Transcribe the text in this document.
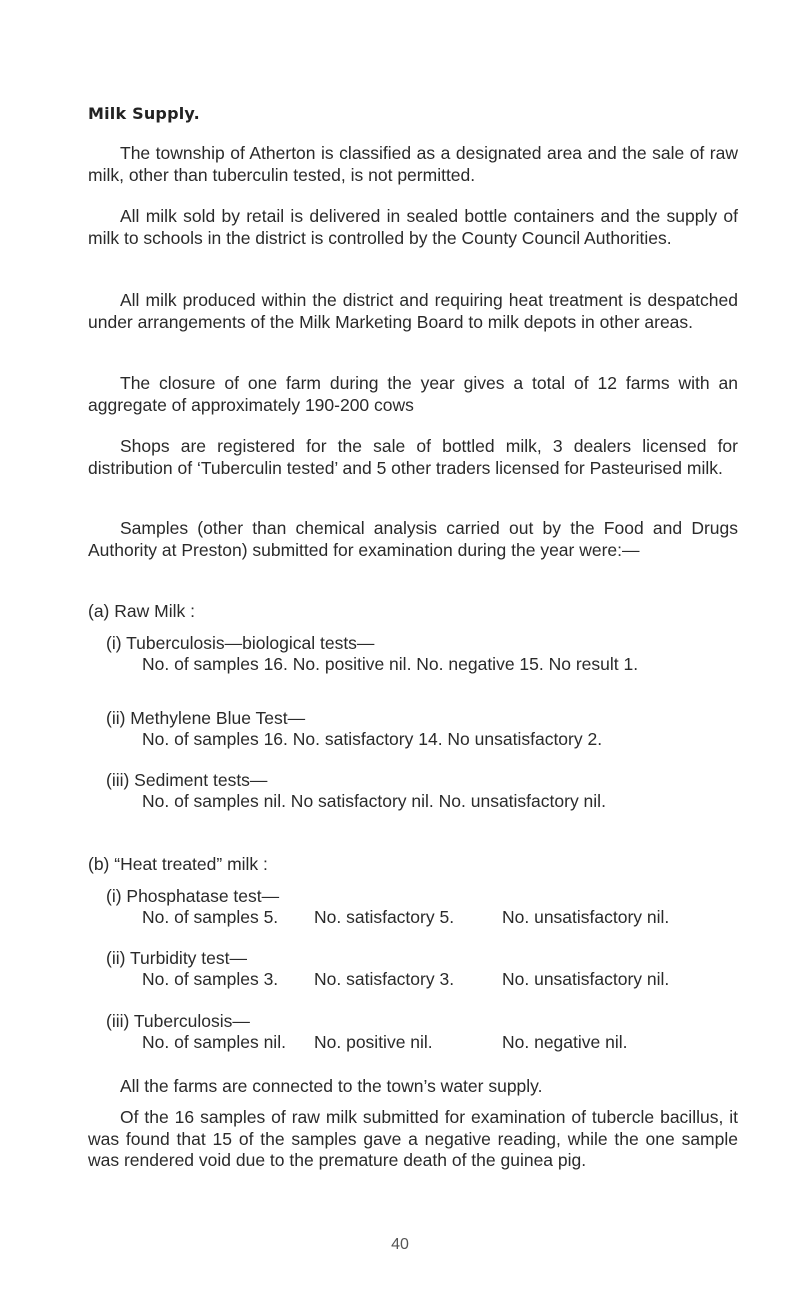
Milk Supply.

The township of Atherton is classified as a designated area and the sale of raw milk, other than tuberculin tested, is not permitted.

All milk sold by retail is delivered in sealed bottle containers and the supply of milk to schools in the district is controlled by the County Council Authorities.

All milk produced within the district and requiring heat treatment is despatched under arrangements of the Milk Marketing Board to milk depots in other areas.

The closure of one farm during the year gives a total of 12 farms with an aggregate of approximately 190-200 cows

Shops are registered for the sale of bottled milk, 3 dealers licensed for distribution of ‘Tuberculin tested’ and 5 other traders licensed for Pasteurised milk.

Samples (other than chemical analysis carried out by the Food and Drugs Authority at Preston) submitted for examination during the year were:—

(a) Raw Milk :
(i) Tuberculosis—biological tests—

No. of samples 16. No. positive nil. No. negative 15. No result 1.

(ii) Methylene Blue Test—

No. of samples 16. No. satisfactory 14. No unsatisfactory 2.

(iii) Sediment tests—

No. of samples nil. No satisfactory nil. No. unsatisfactory nil.

(b) “Heat treated” milk :
(i) Phosphatase test—
No. of samples 5.	No. satisfactory 5.	No. unsatisfactory nil.
(ii) Turbidity test—
No. of samples 3.	No. satisfactory 3.	No. unsatisfactory nil.
(iii) Tuberculosis—
No. of samples nil.	No. positive nil.	No. negative nil.

All the farms are connected to the town’s water supply.

Of the 16 samples of raw milk submitted for examination of tubercle bacillus, it was found that 15 of the samples gave a negative reading, while the one sample was rendered void due to the premature death of the guinea pig.

40
